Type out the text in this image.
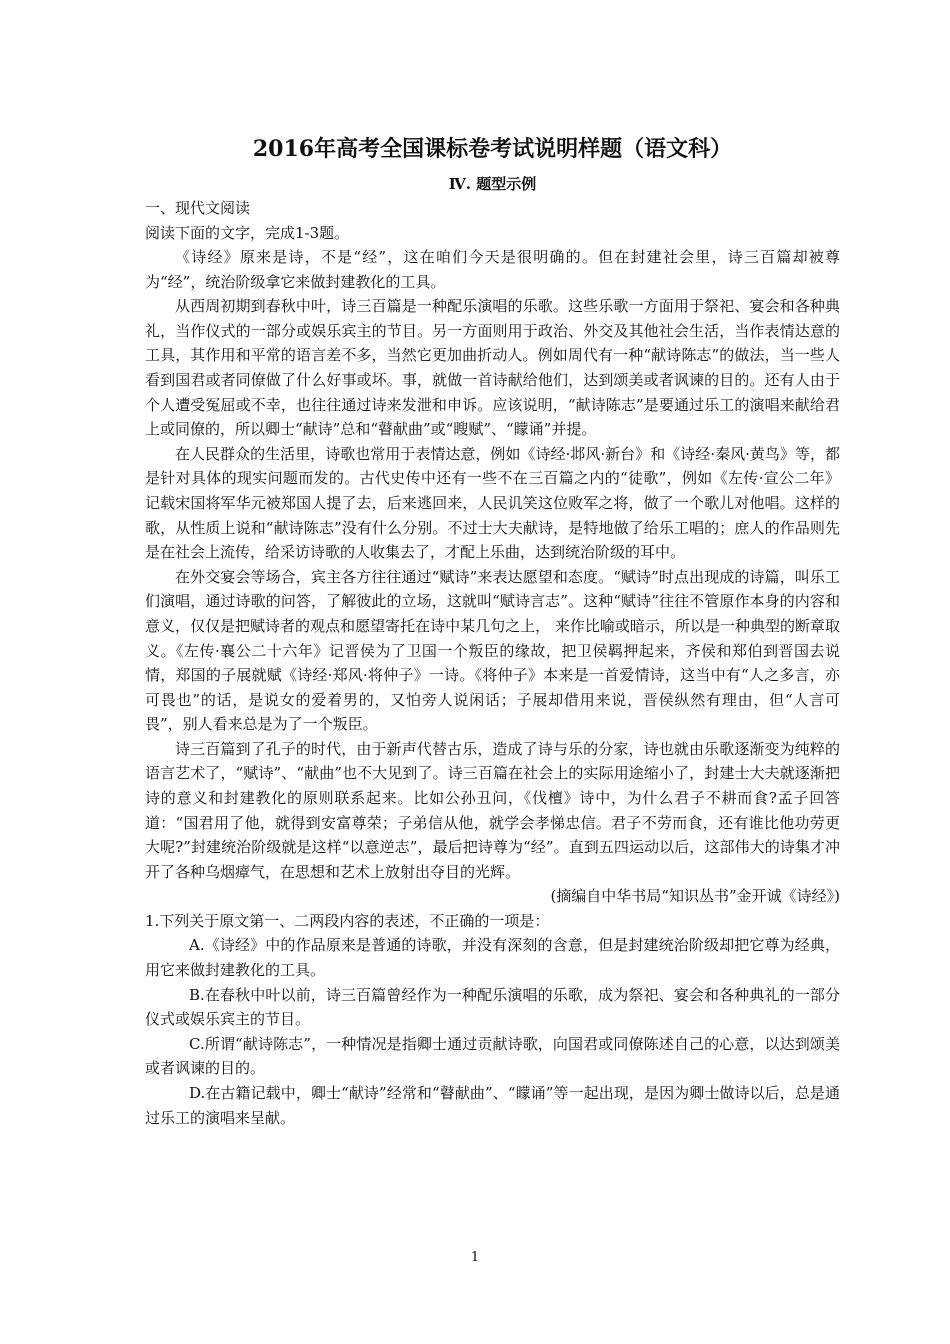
2016年高考全国课标卷考试说明样题（语文科）

Ⅳ. 题型示例

一、现代文阅读

阅读下面的文字，完成1-3题。

《诗经》原来是诗，不是“经”，这在咱们今天是很明确的。但在封建社会里，诗三百篇却被尊为“经”，统治阶级拿它来做封建教化的工具。

从西周初期到春秋中叶，诗三百篇是一种配乐演唱的乐歌。这些乐歌一方面用于祭祀、宴会和各种典礼，当作仪式的一部分或娱乐宾主的节目。另一方面则用于政治、外交及其他社会生活，当作表情达意的工具，其作用和平常的语言差不多，当然它更加曲折动人。例如周代有一种“献诗陈志”的做法，当一些人看到国君或者同僚做了什么好事或坏。事，就做一首诗献给他们，达到颂美或者讽谏的目的。还有人由于个人遭受冤屈或不幸，也往往通过诗来发泄和申诉。应该说明，“献诗陈志”是要通过乐工的演唱来献给君上或同僚的，所以卿士“献诗”总和“瞽献曲”或“瞍赋”、“矇诵”并提。

在人民群众的生活里，诗歌也常用于表情达意，例如《诗经·邶风·新台》和《诗经·秦风·黄鸟》等，都是针对具体的现实问题而发的。古代史传中还有一些不在三百篇之内的“徒歌”，例如《左传·宣公二年》记载宋国将军华元被郑国人提了去，后来逃回来，人民讥笑这位败军之将，做了一个歌儿对他唱。这样的歌，从性质上说和“献诗陈志”没有什么分别。不过士大夫献诗，是特地做了给乐工唱的；庶人的作品则先是在社会上流传，给采访诗歌的人收集去了，才配上乐曲，达到统治阶级的耳中。

在外交宴会等场合，宾主各方往往通过“赋诗”来表达愿望和态度。“赋诗”时点出现成的诗篇，叫乐工们演唱，通过诗歌的问答，了解彼此的立场，这就叫“赋诗言志”。这种“赋诗”往往不管原作本身的内容和意义，仅仅是把赋诗者的观点和愿望寄托在诗中某几句之上， 来作比喻或暗示，所以是一种典型的断章取义。《左传·襄公二十六年》记晋侯为了卫国一个叛臣的缘故，把卫侯羁押起来，齐侯和郑伯到晋国去说情，郑国的子展就赋《诗经·郑风·将仲子》一诗。《将仲子》本来是一首爱情诗，这当中有“人之多言，亦可畏也”的话，是说女的爱着男的，又怕旁人说闲话；子展却借用来说，晋侯纵然有理由，但“人言可畏”，别人看来总是为了一个叛臣。

诗三百篇到了孔子的时代，由于新声代替古乐，造成了诗与乐的分家，诗也就由乐歌逐渐变为纯粹的语言艺术了，“赋诗”、“献曲”也不大见到了。诗三百篇在社会上的实际用途缩小了，封建士大夫就逐渐把诗的意义和封建教化的原则联系起来。比如公孙丑问，《伐檀》诗中，为什么君子不耕而食?孟子回答道：“国君用了他，就得到安富尊荣；子弟信从他，就学会孝悌忠信。君子不劳而食，还有谁比他功劳更大呢?”封建统治阶级就是这样“以意逆志”，最后把诗尊为“经”。直到五四运动以后，这部伟大的诗集才冲开了各种乌烟瘴气，在思想和艺术上放射出夺目的光辉。

(摘编自中华书局“知识丛书”金开诚《诗经》)

1.下列关于原文第一、二两段内容的表述，不正确的一项是：

A.《诗经》中的作品原来是普通的诗歌，并没有深刻的含意，但是封建统治阶级却把它尊为经典，用它来做封建教化的工具。

B.在春秋中叶以前，诗三百篇曾经作为一种配乐演唱的乐歌，成为祭祀、宴会和各种典礼的一部分仪式或娱乐宾主的节目。

C.所谓“献诗陈志”，一种情况是指卿士通过贡献诗歌，向国君或同僚陈述自己的心意，以达到颂美或者讽谏的目的。

D.在古籍记载中，卿士“献诗”经常和“瞽献曲”、“矇诵”等一起出现，是因为卿士做诗以后，总是通过乐工的演唱来呈献。

1
